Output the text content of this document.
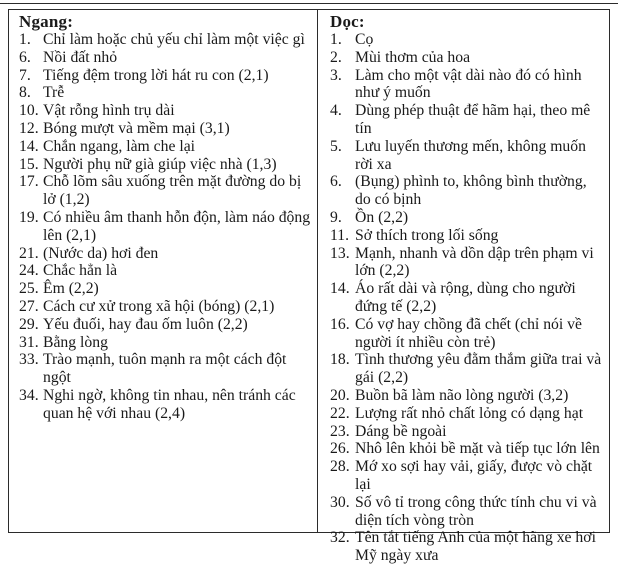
Ngang:
1. Chỉ làm hoặc chủ yếu chỉ làm một việc gì
6. Nồi đất nhỏ
7. Tiếng đệm trong lời hát ru con (2,1)
8. Trễ
10. Vật rỗng hình trụ dài
12. Bóng mượt và mềm mại (3,1)
14. Chắn ngang, làm che lại
15. Người phụ nữ già giúp việc nhà (1,3)
17. Chỗ lõm sâu xuống trên mặt đường do bị lở (1,2)
19. Có nhiều âm thanh hỗn độn, làm náo động lên (2,1)
21. (Nước da) hơi đen
24. Chắc hẳn là
25. Êm (2,2)
27. Cách cư xử trong xã hội (bóng) (2,1)
29. Yếu đuối, hay đau ốm luôn (2,2)
31. Bằng lòng
33. Trào mạnh, tuôn mạnh ra một cách đột ngột
34. Nghi ngờ, không tin nhau, nên tránh các quan hệ với nhau (2,4)
Dọc:
1. Cọ
2. Mùi thơm của hoa
3. Làm cho một vật dài nào đó có hình như ý muốn
4. Dùng phép thuật để hãm hại, theo mê tín
5. Lưu luyến thương mến, không muốn rời xa
6. (Bụng) phình to, không bình thường, do có bịnh
9. Ồn (2,2)
11. Sở thích trong lối sống
13. Mạnh, nhanh và dồn dập trên phạm vi lớn (2,2)
14. Áo rất dài và rộng, dùng cho người đứng tế (2,2)
16. Có vợ hay chồng đã chết (chỉ nói về người ít nhiều còn trẻ)
18. Tình thương yêu đằm thắm giữa trai và gái (2,2)
20. Buồn bã làm não lòng người (3,2)
22. Lượng rất nhỏ chất lỏng có dạng hạt
23. Dáng bề ngoài
26. Nhô lên khỏi bề mặt và tiếp tục lớn lên
28. Mớ xo sợi hay vải, giấy, được vò chặt lại
30. Số vô tỉ trong công thức tính chu vi và diện tích vòng tròn
32. Tên tắt tiếng Anh của một hãng xe hơi Mỹ ngày xưa
